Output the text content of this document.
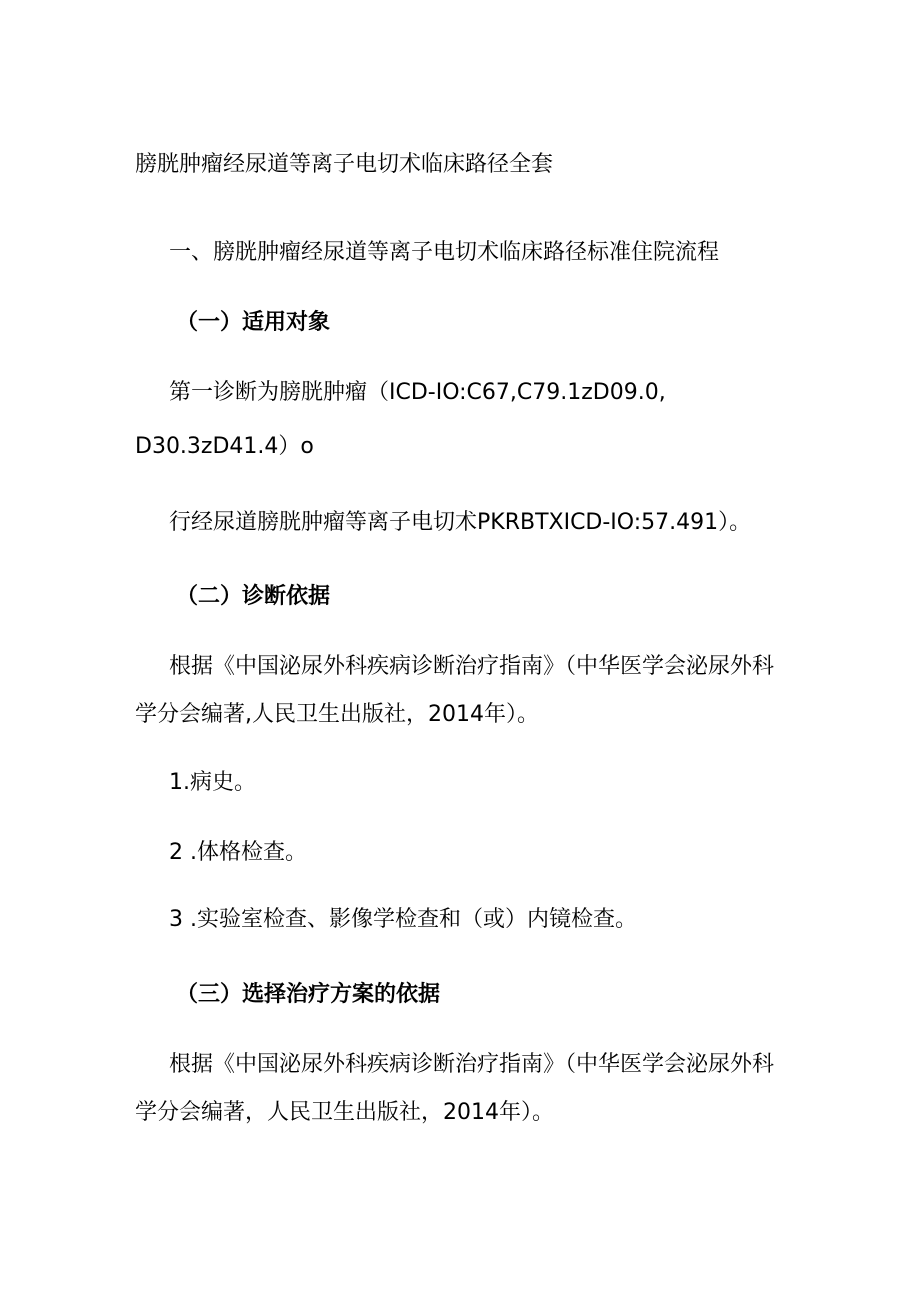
膀胱肿瘤经尿道等离子电切术临床路径全套
一、膀胱肿瘤经尿道等离子电切术临床路径标准住院流程
（一）适用对象
第一诊断为膀胱肿瘤（ICD-IO:C67,C79.1zD09.0,
D30.3zD41.4）o
行经尿道膀胱肿瘤等离子电切术PKRBTXICD-IO:57.491）。
（二）诊断依据
根据《中国泌尿外科疾病诊断治疗指南》（中华医学会泌尿外科
学分会编著,人民卫生出版社，2014年）。
1.病史。
2 .体格检查。
3 .实验室检查、影像学检查和（或）内镜检查。
（三）选择治疗方案的依据
根据《中国泌尿外科疾病诊断治疗指南》（中华医学会泌尿外科
学分会编著，人民卫生出版社，2014年）。
